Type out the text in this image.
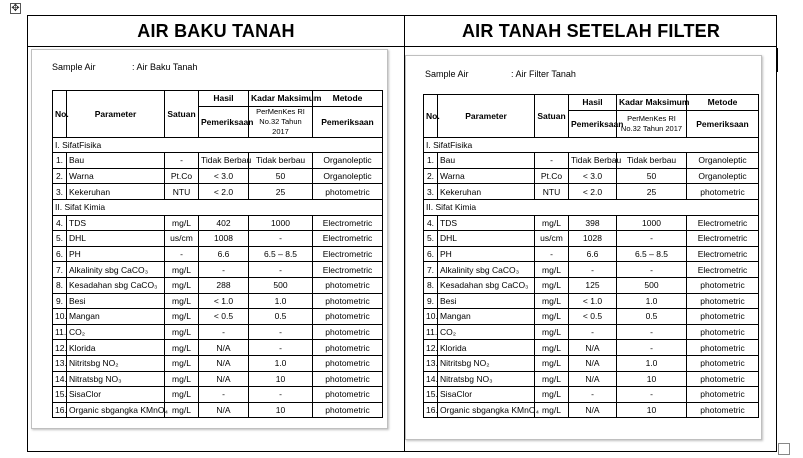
✥
AIR BAKU TANAH	AIR TANAH SETELAH FILTER
Sample Air	: Air Baku Tanah
No.	Parameter	Satuan	Hasil	Kadar Maksimum	Metode
			Pemeriksaan	PerMenKes RI No.32 Tahun 2017	Pemeriksaan
I. SifatFisika					
1.	Bau	-	Tidak Berbau	Tidak berbau	Organoleptic
2.	Warna	Pt.Co	< 3.0	50	Organoleptic
3.	Kekeruhan	NTU	< 2.0	25	photometric
II. Sifat Kimia					
4.	TDS	mg/L	402	1000	Electrometric
5.	DHL	us/cm	1008	-	Electrometric
6.	PH	-	6.6	6.5 – 8.5	Electrometric
7.	Alkalinity sbg CaCO₃	mg/L	-	-	Electrometric
8.	Kesadahan sbg CaCO₃	mg/L	288	500	photometric
9.	Besi	mg/L	< 1.0	1.0	photometric
10.	Mangan	mg/L	< 0.5	0.5	photometric
11.	CO₂	mg/L	-	-	photometric
12.	Klorida	mg/L	N/A	-	photometric
13.	Nitritsbg NO₂	mg/L	N/A	1.0	photometric
14.	Nitratsbg NO₃	mg/L	N/A	10	photometric
15.	SisaClor	mg/L	-	-	photometric
16.	Organic sbgangka KMnO₄	mg/L	N/A	10	photometric
Sample Air	: Air Filter Tanah
No.	Parameter	Satuan	Hasil	Kadar Maksimum	Metode
			Pemeriksaan	PerMenKes RI No.32 Tahun 2017	Pemeriksaan
I. SifatFisika					
1.	Bau	-	Tidak Berbau	Tidak berbau	Organoleptic
2.	Warna	Pt.Co	< 3.0	50	Organoleptic
3.	Kekeruhan	NTU	< 2.0	25	photometric
II. Sifat Kimia					
4.	TDS	mg/L	398	1000	Electrometric
5.	DHL	us/cm	1028	-	Electrometric
6.	PH	-	6.6	6.5 – 8.5	Electrometric
7.	Alkalinity sbg CaCO₃	mg/L	-	-	Electrometric
8.	Kesadahan sbg CaCO₃	mg/L	125	500	photometric
9.	Besi	mg/L	< 1.0	1.0	photometric
10.	Mangan	mg/L	< 0.5	0.5	photometric
11.	CO₂	mg/L	-	-	photometric
12.	Klorida	mg/L	N/A	-	photometric
13.	Nitritsbg NO₂	mg/L	N/A	1.0	photometric
14.	Nitratsbg NO₃	mg/L	N/A	10	photometric
15.	SisaClor	mg/L	-	-	photometric
16.	Organic sbgangka KMnO₄	mg/L	N/A	10	photometric
